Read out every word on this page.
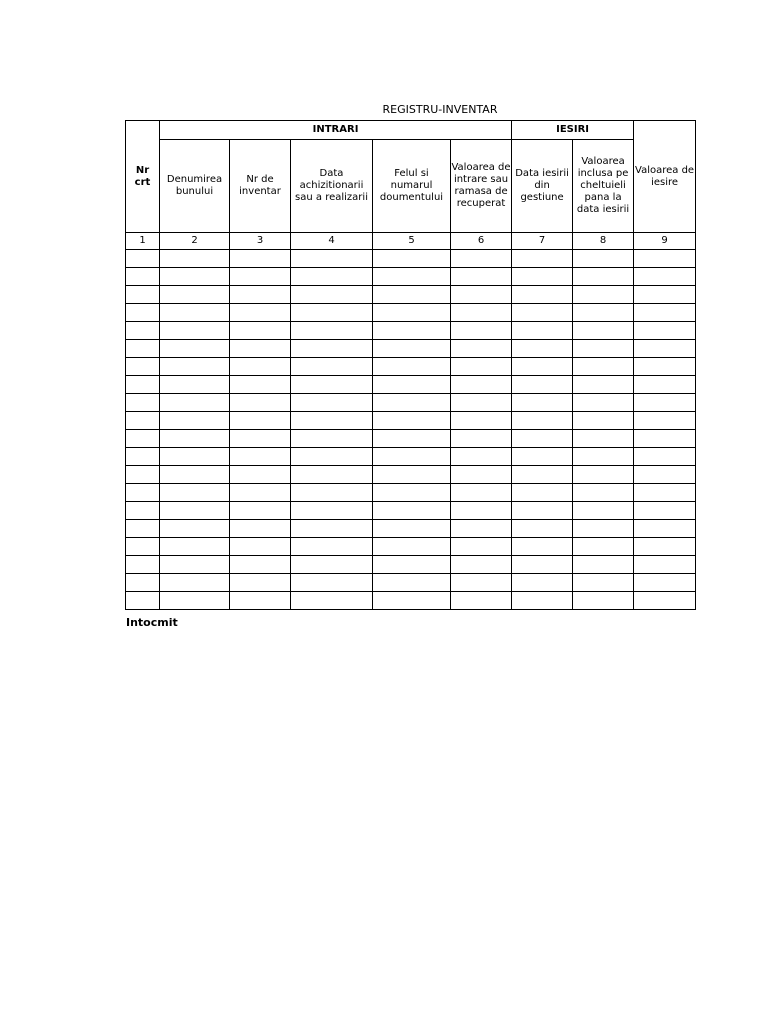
REGISTRU-INVENTAR
Nr
crt	INTRARI					IESIRI		Valoarea de iesire
	Denumirea bunului	Nr de inventar	Data achizitionarii sau a realizarii	Felul si numarul doumentului	Valoarea de intrare sau ramasa de recuperat	Data iesirii din gestiune	Valoarea inclusa pe cheltuieli pana la data iesirii	
1	2	3	4	5	6	7	8	9

Intocmit
